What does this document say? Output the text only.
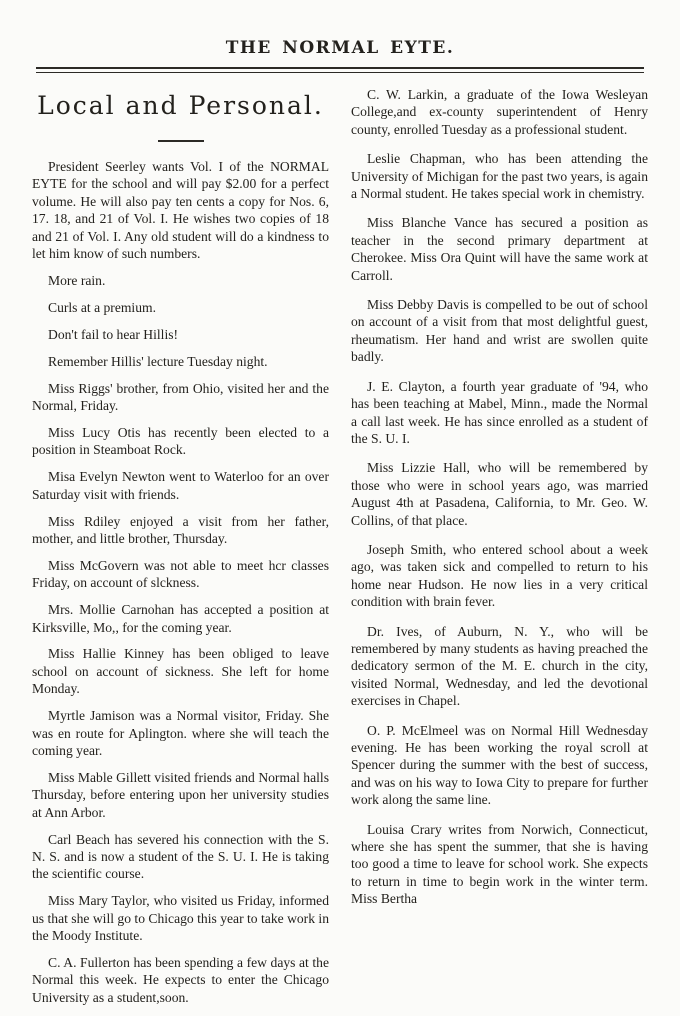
THE NORMAL EYTE.
Local and Personal.

President Seerley wants Vol. I of the NORMAL EYTE for the school and will pay $2.00 for a perfect volume. He will also pay ten cents a copy for Nos. 6, 17. 18, and 21 of Vol. I. He wishes two copies of 18 and 21 of Vol. I. Any old student will do a kindness to let him know of such numbers.

More rain.

Curls at a premium.

Don't fail to hear Hillis!

Remember Hillis' lecture Tuesday night.

Miss Riggs' brother, from Ohio, visited her and the Normal, Friday.

Miss Lucy Otis has recently been elected to a position in Steamboat Rock.

Misa Evelyn Newton went to Waterloo for an over Saturday visit with friends.

Miss Rdiley enjoyed a visit from her father, mother, and little brother, Thursday.

Miss McGovern was not able to meet hcr classes Friday, on account of slckness.

Mrs. Mollie Carnohan has accepted a position at Kirksville, Mo,, for the coming year.

Miss Hallie Kinney has been obliged to leave school on account of sickness. She left for home Monday.

Myrtle Jamison was a Normal visitor, Friday. She was en route for Aplington. where she will teach the coming year.

Miss Mable Gillett visited friends and Normal halls Thursday, before entering upon her university studies at Ann Arbor.

Carl Beach has severed his connection with the S. N. S. and is now a student of the S. U. I. He is taking the scientific course.

Miss Mary Taylor, who visited us Friday, informed us that she will go to Chicago this year to take work in the Moody Institute.

C. A. Fullerton has been spending a few days at the Normal this week. He expects to enter the Chicago University as a student,soon.

C. W. Larkin, a graduate of the Iowa Wesleyan College,and ex-county superintendent of Henry county, enrolled Tuesday as a professional student.

Leslie Chapman, who has been attending the University of Michigan for the past two years, is again a Normal student. He takes special work in chemistry.

Miss Blanche Vance has secured a position as teacher in the second primary department at Cherokee. Miss Ora Quint will have the same work at Carroll.

Miss Debby Davis is compelled to be out of school on account of a visit from that most delightful guest, rheumatism. Her hand and wrist are swollen quite badly.

J. E. Clayton, a fourth year graduate of '94, who has been teaching at Mabel, Minn., made the Normal a call last week. He has since enrolled as a student of the S. U. I.

Miss Lizzie Hall, who will be remembered by those who were in school years ago, was married August 4th at Pasadena, California, to Mr. Geo. W. Collins, of that place.

Joseph Smith, who entered school about a week ago, was taken sick and compelled to return to his home near Hudson. He now lies in a very critical condition with brain fever.

Dr. Ives, of Auburn, N. Y., who will be remembered by many students as having preached the dedicatory sermon of the M. E. church in the city, visited Normal, Wednesday, and led the devotional exercises in Chapel.

O. P. McElmeel was on Normal Hill Wednesday evening. He has been working the royal scroll at Spencer during the summer with the best of success, and was on his way to Iowa City to prepare for further work along the same line.

Louisa Crary writes from Norwich, Connecticut, where she has spent the summer, that she is having too good a time to leave for school work. She expects to return in time to begin work in the winter term. Miss Bertha
